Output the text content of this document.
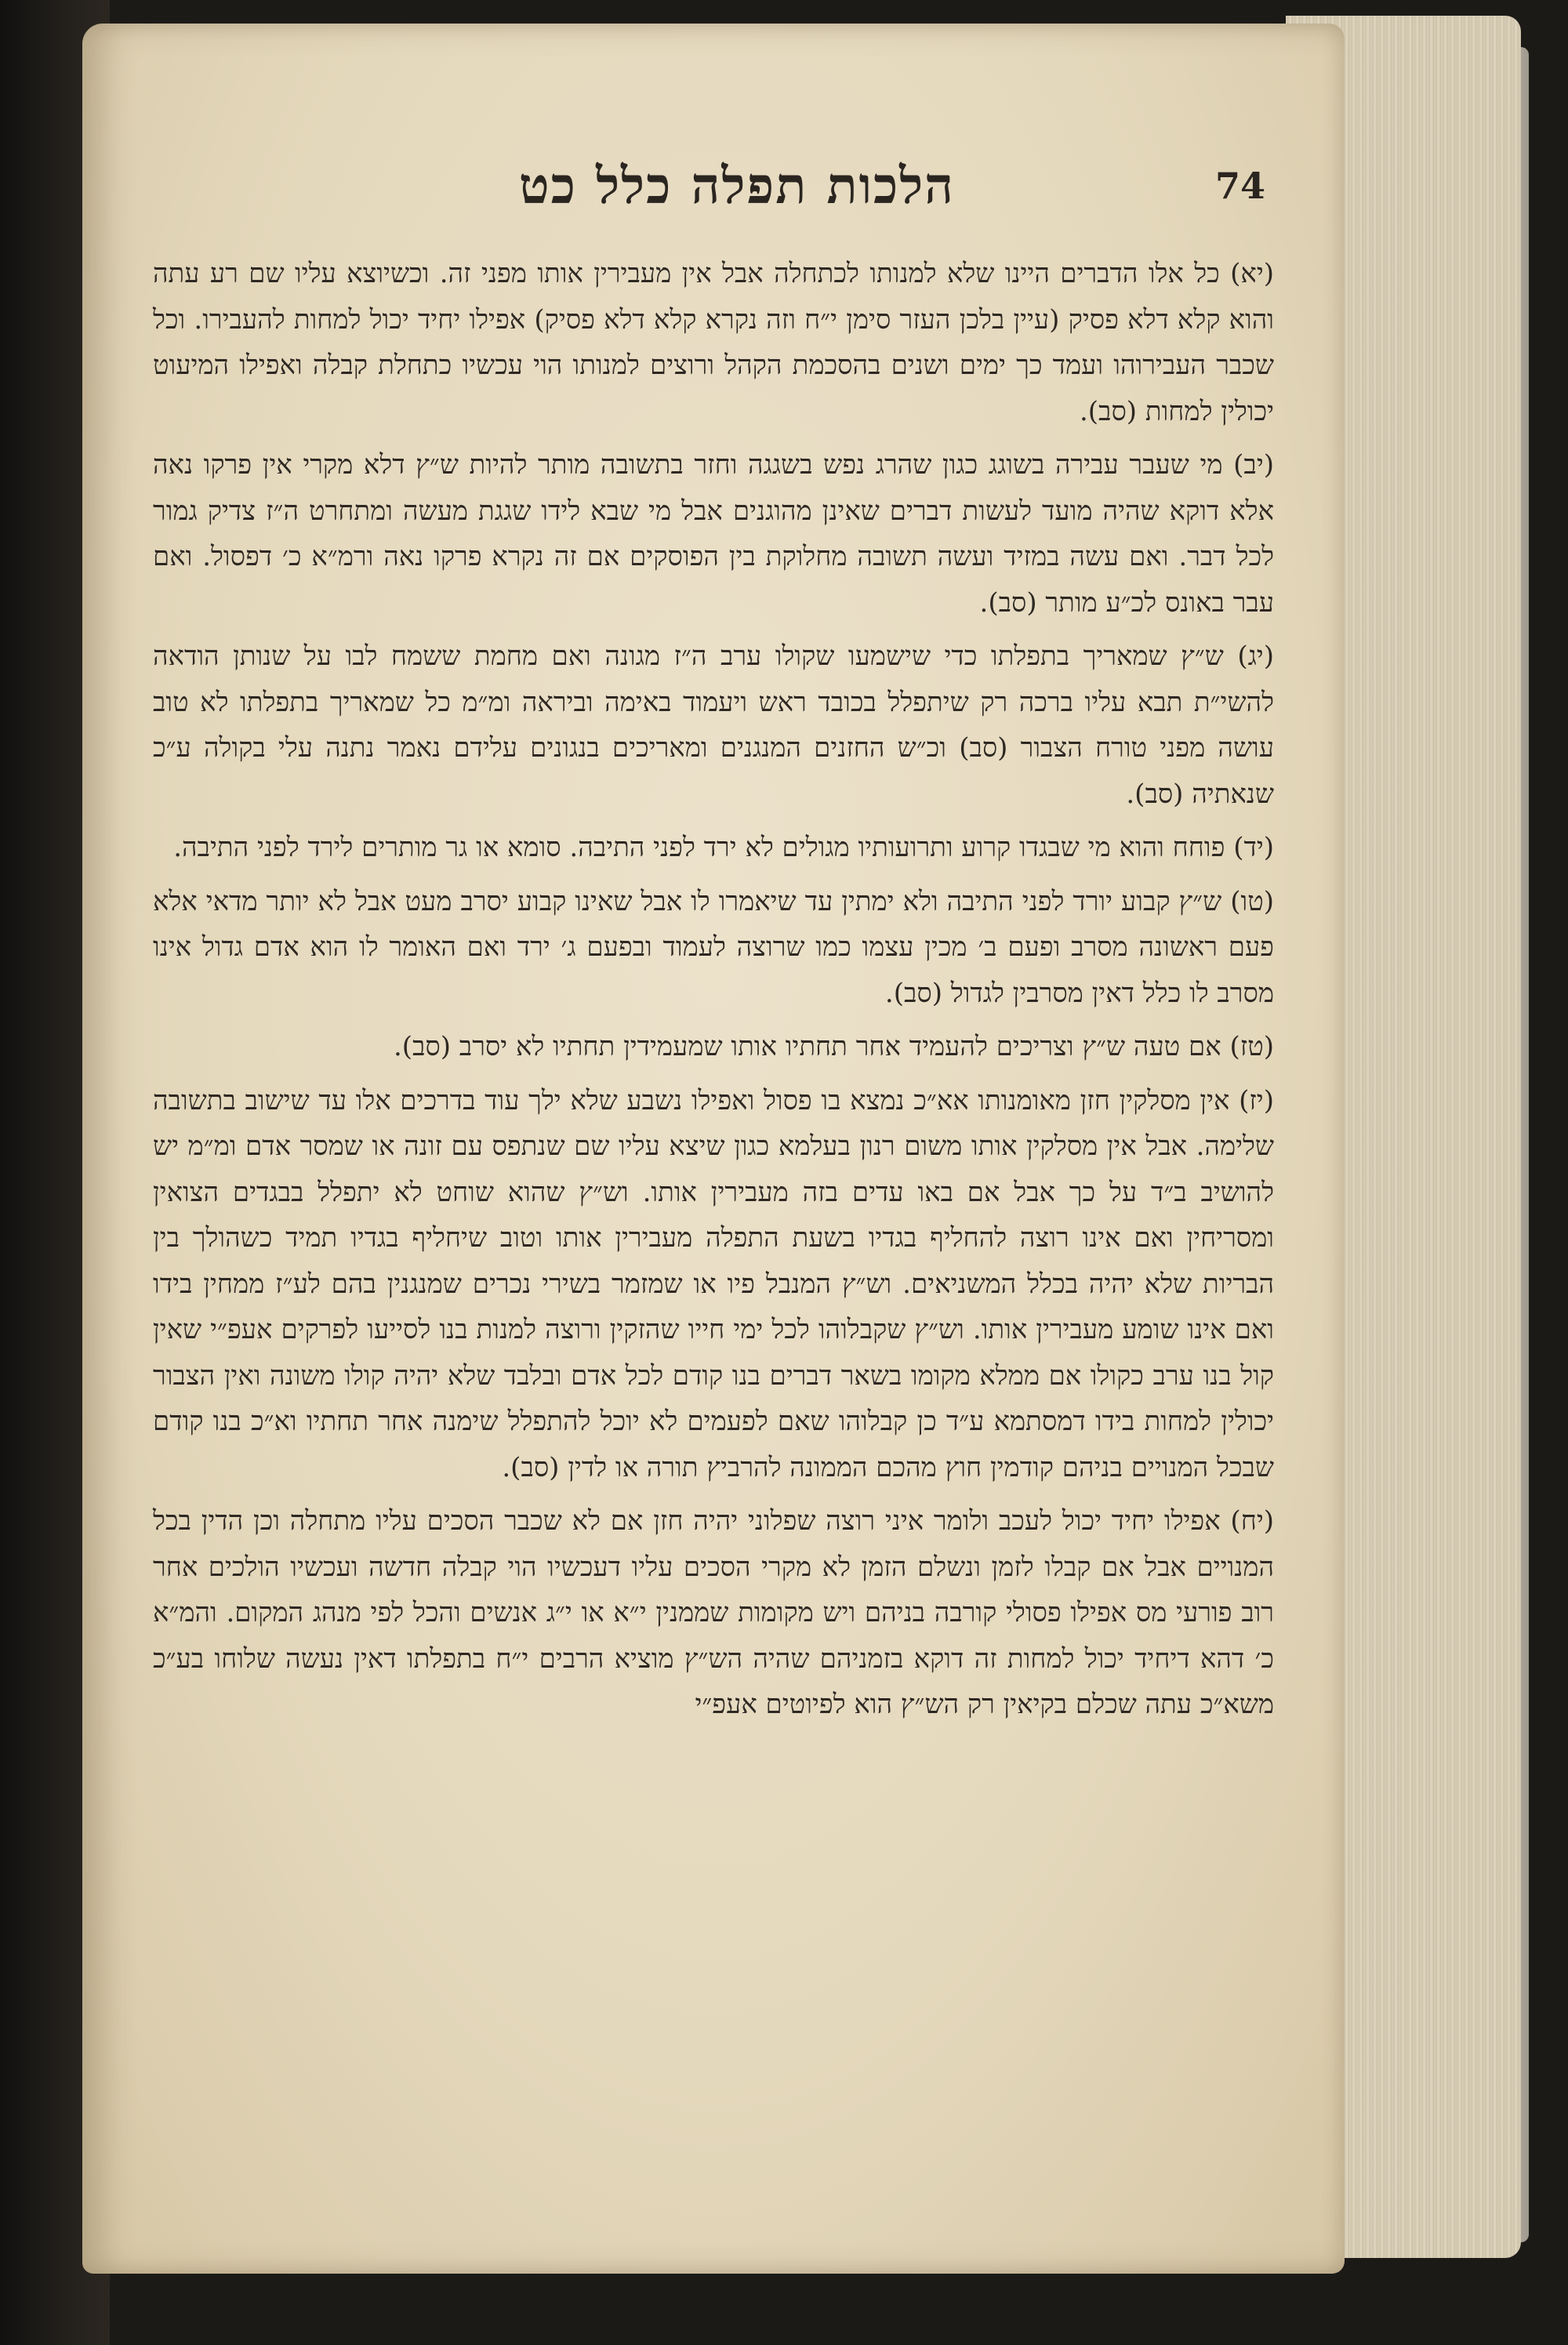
74
הלכות תפלה כלל כט

(יא) כל אלו הדברים היינו שלא למנותו לכתחלה אבל אין מעבירין אותו מפני זה. וכשיוצא עליו שם רע עתה והוא קלא דלא פסיק (עיין בלכן העזר סימן י״ח וזה נקרא קלא דלא פסיק) אפילו יחיד יכול למחות להעבירו. וכל שכבר העבירוהו ועמד כך ימים ושנים בהסכמת הקהל ורוצים למנותו הוי עכשיו כתחלת קבלה ואפילו המיעוט יכולין למחות (סב).

(יב) מי שעבר עבירה בשוגג כגון שהרג נפש בשגגה וחזר בתשובה מותר להיות ש״ץ דלא מקרי אין פרקו נאה אלא דוקא שהיה מועד לעשות דברים שאינן מהוגנים אבל מי שבא לידו שגגת מעשה ומתחרט ה״ז צדיק גמור לכל דבר. ואם עשה במזיד ועשה תשובה מחלוקת בין הפוסקים אם זה נקרא פרקו נאה ורמ״א כ׳ דפסול. ואם עבר באונס לכ״ע מותר (סב).

(יג) ש״ץ שמאריך בתפלתו כדי שישמעו שקולו ערב ה״ז מגונה ואם מחמת ששמח לבו על שנותן הודאה להשי״ת תבא עליו ברכה רק שיתפלל בכובד ראש ויעמוד באימה וביראה ומ״מ כל שמאריך בתפלתו לא טוב עושה מפני טורח הצבור (סב) וכ״ש החזנים המנגנים ומאריכים בנגונים עלידם נאמר נתנה עלי בקולה ע״כ שנאתיה (סב).

(יד) פוחח והוא מי שבגדו קרוע ותרועותיו מגולים לא ירד לפני התיבה. סומא או גר מותרים לירד לפני התיבה.

(טו) ש״ץ קבוע יורד לפני התיבה ולא ימתין עד שיאמרו לו אבל שאינו קבוע יסרב מעט אבל לא יותר מדאי אלא פעם ראשונה מסרב ופעם ב׳ מכין עצמו כמו שרוצה לעמוד ובפעם ג׳ ירד ואם האומר לו הוא אדם גדול אינו מסרב לו כלל דאין מסרבין לגדול (סב).

(טז) אם טעה ש״ץ וצריכים להעמיד אחר תחתיו אותו שמעמידין תחתיו לא יסרב (סב).

(יז) אין מסלקין חזן מאומנותו אא״כ נמצא בו פסול ואפילו נשבע שלא ילך עוד בדרכים אלו עד שישוב בתשובה שלימה. אבל אין מסלקין אותו משום רנון בעלמא כגון שיצא עליו שם שנתפס עם זונה או שמסר אדם ומ״מ יש להושיב ב״ד על כך אבל אם באו עדים בזה מעבירין אותו. וש״ץ שהוא שוחט לא יתפלל בבגדים הצואין ומסריחין ואם אינו רוצה להחליף בגדיו בשעת התפלה מעבירין אותו וטוב שיחליף בגדיו תמיד כשהולך בין הבריות שלא יהיה בכלל המשניאים. וש״ץ המנבל פיו או שמזמר בשירי נכרים שמנגנין בהם לע״ז ממחין בידו ואם אינו שומע מעבירין אותו. וש״ץ שקבלוהו לכל ימי חייו שהזקין ורוצה למנות בנו לסייעו לפרקים אעפ״י שאין קול בנו ערב כקולו אם ממלא מקומו בשאר דברים בנו קודם לכל אדם ובלבד שלא יהיה קולו משונה ואין הצבור יכולין למחות בידו דמסתמא ע״ד כן קבלוהו שאם לפעמים לא יוכל להתפלל שימנה אחר תחתיו וא״כ בנו קודם שבכל המנויים בניהם קודמין חוץ מהכם הממונה להרביץ תורה או לדין (סב).

(יח) אפילו יחיד יכול לעכב ולומר איני רוצה שפלוני יהיה חזן אם לא שכבר הסכים עליו מתחלה וכן הדין בכל המנויים אבל אם קבלו לזמן ונשלם הזמן לא מקרי הסכים עליו דעכשיו הוי קבלה חדשה ועכשיו הולכים אחר רוב פורעי מס אפילו פסולי קורבה בניהם ויש מקומות שממנין י״א או י״ג אנשים והכל לפי מנהג המקום. והמ״א כ׳ דהא דיחיד יכול למחות זה דוקא בזמניהם שהיה הש״ץ מוציא הרבים י״ח בתפלתו דאין נעשה שלוחו בע״כ משא״כ עתה שכלם בקיאין רק הש״ץ הוא לפיוטים אעפ״י
